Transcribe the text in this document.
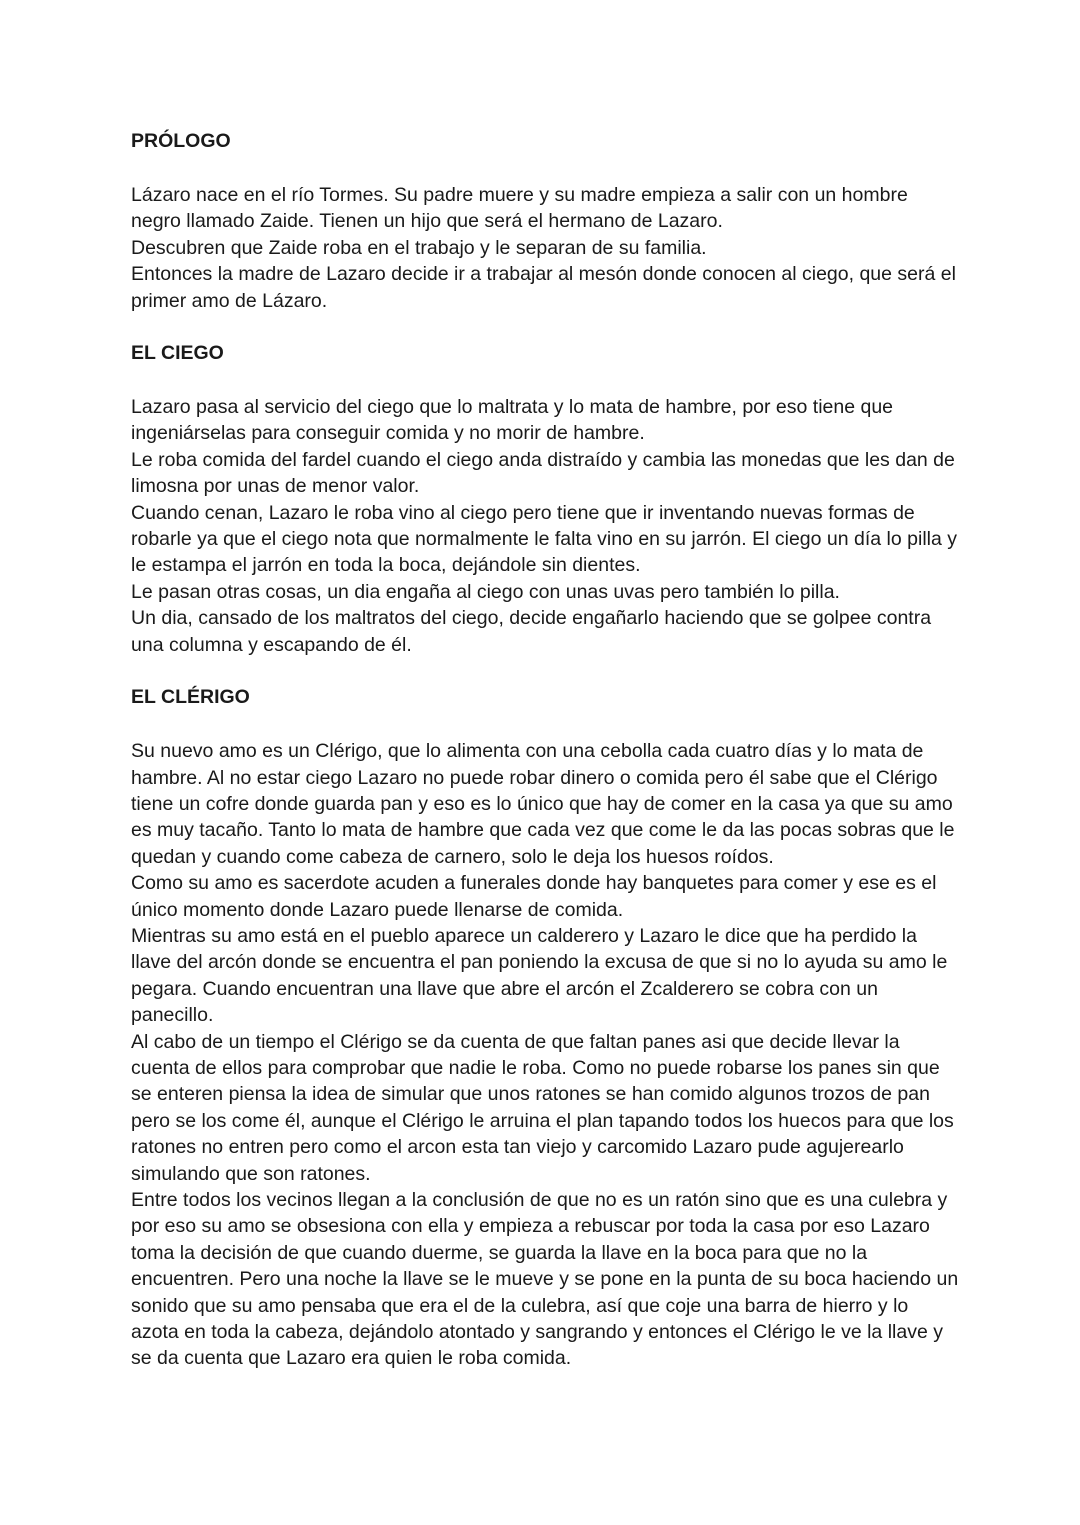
PRÓLOGO

Lázaro nace en el río Tormes. Su padre muere y su madre empieza a salir con un hombre negro llamado Zaide. Tienen un hijo que será el hermano de Lazaro.

Descubren que Zaide roba en el trabajo y le separan de su familia.

Entonces la madre de Lazaro decide ir a trabajar al mesón donde conocen al ciego, que será el primer amo de Lázaro.

EL CIEGO

Lazaro pasa al servicio del ciego que lo maltrata y lo mata de hambre, por eso tiene que ingeniárselas para conseguir comida y no morir de hambre.

Le roba comida del fardel cuando el ciego anda distraído y cambia las monedas que les dan de limosna por unas de menor valor.

Cuando cenan, Lazaro le roba vino al ciego pero tiene que ir inventando nuevas formas de robarle ya que el ciego nota que normalmente le falta vino en su jarrón. El ciego un día lo pilla y le estampa el jarrón en toda la boca, dejándole sin dientes.

Le pasan otras cosas, un dia engaña al ciego con unas uvas pero también lo pilla.

Un dia, cansado de los maltratos del ciego, decide engañarlo haciendo que se golpee contra una columna y escapando de él.

EL CLÉRIGO

Su nuevo amo es un Clérigo, que lo alimenta con una cebolla cada cuatro días y lo mata de hambre. Al no estar ciego Lazaro no puede robar dinero o comida pero él sabe que el Clérigo tiene un cofre donde guarda pan y eso es lo único que hay de comer en la casa ya que su amo es muy tacaño. Tanto lo mata de hambre que cada vez que come le da las pocas sobras que le quedan y cuando come cabeza de carnero, solo le deja los huesos roídos.

Como su amo es sacerdote acuden a funerales donde hay banquetes para comer y ese es el único momento donde Lazaro puede llenarse de comida.

Mientras su amo está en el pueblo aparece un calderero y Lazaro le dice que ha perdido la llave del arcón donde se encuentra el pan poniendo la excusa de que si no lo ayuda su amo le pegara. Cuando encuentran una llave que abre el arcón el Zcalderero se cobra con un panecillo.

Al cabo de un tiempo el Clérigo se da cuenta de que faltan panes asi que decide llevar la cuenta de ellos para comprobar que nadie le roba. Como no puede robarse los panes sin que se enteren piensa la idea de simular que unos ratones se han comido algunos trozos de pan pero se los come él, aunque el Clérigo le arruina el plan tapando todos los huecos para que los ratones no entren pero como el arcon esta tan viejo y carcomido Lazaro pude agujerearlo simulando que son ratones.

Entre todos los vecinos llegan a la conclusión de que no es un ratón sino que es una culebra y por eso su amo se obsesiona con ella y empieza a rebuscar por toda la casa por eso Lazaro toma la decisión de que cuando duerme, se guarda la llave en la boca para que no la encuentren. Pero una noche la llave se le mueve y se pone en la punta de su boca haciendo un sonido que su amo pensaba que era el de la culebra, así que coje una barra de hierro y lo azota en toda la cabeza, dejándolo atontado y sangrando y entonces el Clérigo le ve la llave y se da cuenta que Lazaro era quien le roba comida.
